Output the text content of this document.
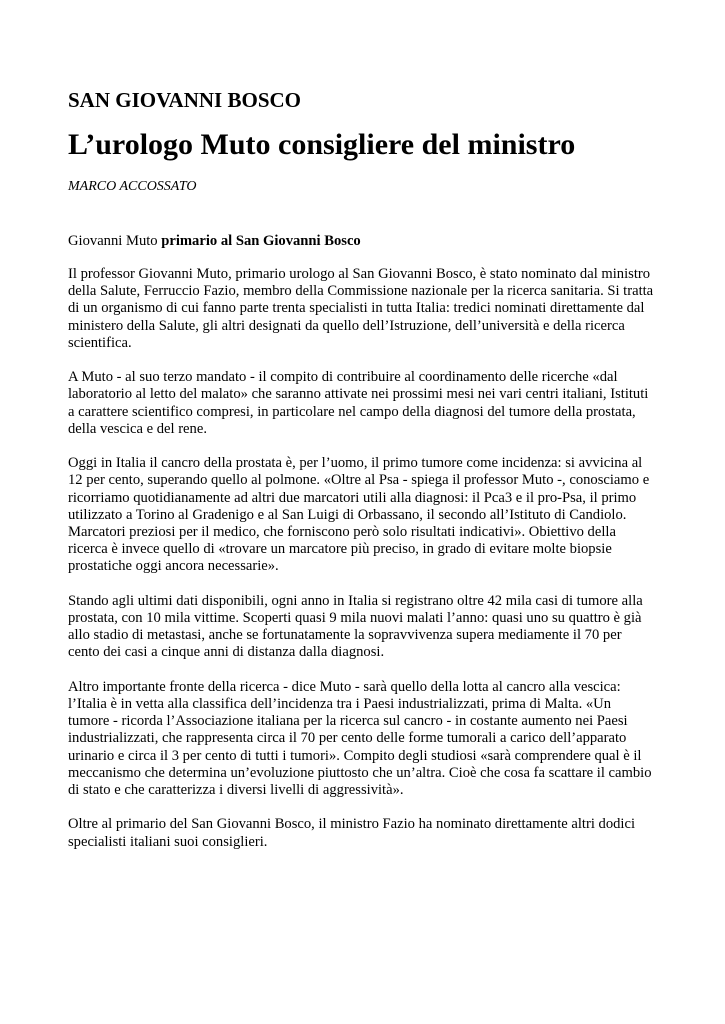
SAN GIOVANNI BOSCO
L’urologo Muto consigliere del ministro
MARCO ACCOSSATO
Giovanni Muto primario al San Giovanni Bosco

Il professor Giovanni Muto, primario urologo al San Giovanni Bosco, è stato nominato dal ministro
della Salute, Ferruccio Fazio, membro della Commissione nazionale per la ricerca sanitaria. Si tratta
di un organismo di cui fanno parte trenta specialisti in tutta Italia: tredici nominati direttamente dal
ministero della Salute, gli altri designati da quello dell’Istruzione, dell’università e della ricerca
scientifica.

A Muto - al suo terzo mandato - il compito di contribuire al coordinamento delle ricerche «dal
laboratorio al letto del malato» che saranno attivate nei prossimi mesi nei vari centri italiani, Istituti
a carattere scientifico compresi, in particolare nel campo della diagnosi del tumore della prostata,
della vescica e del rene.

Oggi in Italia il cancro della prostata è, per l’uomo, il primo tumore come incidenza: si avvicina al
12 per cento, superando quello al polmone. «Oltre al Psa - spiega il professor Muto -, conosciamo e
ricorriamo quotidianamente ad altri due marcatori utili alla diagnosi: il Pca3 e il pro-Psa, il primo
utilizzato a Torino al Gradenigo e al San Luigi di Orbassano, il secondo all’Istituto di Candiolo.
Marcatori preziosi per il medico, che forniscono però solo risultati indicativi». Obiettivo della
ricerca è invece quello di «trovare un marcatore più preciso, in grado di evitare molte biopsie
prostatiche oggi ancora necessarie».

Stando agli ultimi dati disponibili, ogni anno in Italia si registrano oltre 42 mila casi di tumore alla
prostata, con 10 mila vittime. Scoperti quasi 9 mila nuovi malati l’anno: quasi uno su quattro è già
allo stadio di metastasi, anche se fortunatamente la sopravvivenza supera mediamente il 70 per
cento dei casi a cinque anni di distanza dalla diagnosi.

Altro importante fronte della ricerca - dice Muto - sarà quello della lotta al cancro alla vescica:
l’Italia è in vetta alla classifica dell’incidenza tra i Paesi industrializzati, prima di Malta. «Un
tumore - ricorda l’Associazione italiana per la ricerca sul cancro - in costante aumento nei Paesi
industrializzati, che rappresenta circa il 70 per cento delle forme tumorali a carico dell’apparato
urinario e circa il 3 per cento di tutti i tumori». Compito degli studiosi «sarà comprendere qual è il
meccanismo che determina un’evoluzione piuttosto che un’altra. Cioè che cosa fa scattare il cambio
di stato e che caratterizza i diversi livelli di aggressività».

Oltre al primario del San Giovanni Bosco, il ministro Fazio ha nominato direttamente altri dodici
specialisti italiani suoi consiglieri.
